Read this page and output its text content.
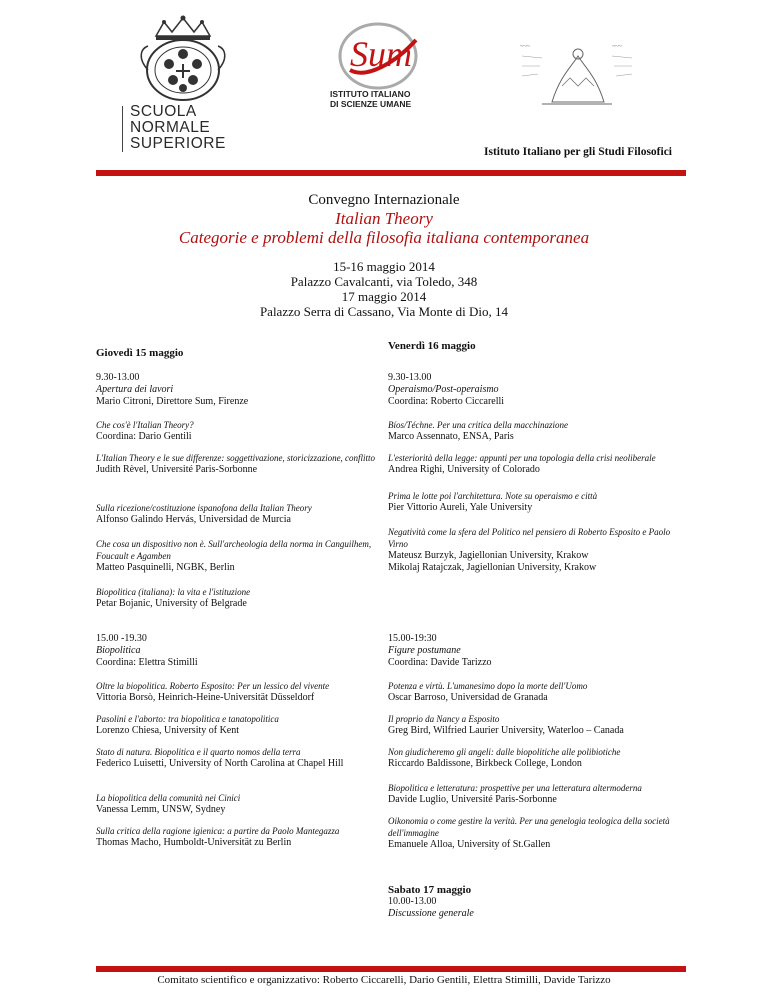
SCUOLA
NORMALE
SUPERIORE
Sum
ISTITUTO ITALIANO
DI SCIENZE UMANE
~~~	~~~
Istituto Italiano per gli Studi Filosofici
Convegno Internazionale
Italian Theory
Categorie e problemi della filosofia italiana contemporanea
15-16 maggio 2014
Palazzo Cavalcanti, via Toledo, 348
17 maggio 2014
Palazzo Serra di Cassano, Via Monte di Dio, 14
Giovedì 15 maggio
9.30-13.00
Apertura dei lavori
Mario Citroni, Direttore Sum, Firenze
Che cos'è l'Italian Theory?
Coordina: Dario Gentili
L'Italian Theory e le sue differenze: soggettivazione, storicizzazione, conflitto
Judith Rèvel, Université Paris-Sorbonne
Sulla ricezione/costituzione ispanofona della Italian Theory
Alfonso Galindo Hervás, Universidad de Murcia
Che cosa un dispositivo non è. Sull'archeologia della norma in Canguilhem, Foucault e Agamben
Matteo Pasquinelli, NGBK, Berlin
Biopolitica (italiana): la vita e l'istituzione
Petar Bojanic, University of Belgrade
15.00 -19.30
Biopolitica
Coordina: Elettra Stimilli
Oltre la biopolitica. Roberto Esposito: Per un lessico del vivente
Vittoria Borsò, Heinrich-Heine-Universität Düsseldorf
Pasolini e l'aborto: tra biopolitica e tanatopolitica
Lorenzo Chiesa, University of Kent
Stato di natura. Biopolitica e il quarto nomos della terra
Federico Luisetti, University of North Carolina at Chapel Hill
La biopolitica della comunità nei Cinici
Vanessa Lemm, UNSW, Sydney
Sulla critica della ragione igienica: a partire da Paolo Mantegazza
Thomas Macho, Humboldt-Universität zu Berlin
Venerdì 16 maggio
9.30-13.00
Operaismo/Post-operaismo
Coordina: Roberto Ciccarelli
Bíos/Téchne. Per una critica della macchinazione
Marco Assennato, ENSA, Paris
L'esteriorità della legge: appunti per una topologia della crisi neoliberale
Andrea Righi, University of Colorado
Prima le lotte poi l'architettura. Note su operaismo e città
Pier Vittorio Aureli, Yale University
Negatività come la sfera del Politico nel pensiero di Roberto Esposito e Paolo Virno
Mateusz Burzyk, Jagiellonian University, Krakow
Mikolaj Ratajczak, Jagiellonian University, Krakow
15.00-19:30
Figure postumane
Coordina: Davide Tarizzo
Potenza e virtù. L'umanesimo dopo la morte dell'Uomo
Oscar Barroso, Universidad de Granada
Il proprio da Nancy a Esposito
Greg Bird, Wilfried Laurier University, Waterloo – Canada
Non giudicheremo gli angeli: dalle biopolitiche alle polibiotiche
Riccardo Baldissone, Birkbeck College, London
Biopolitica e letteratura: prospettive per una letteratura altermoderna
Davide Luglio, Université Paris-Sorbonne
Oikonomia o come gestire la verità. Per una genelogia teologica della società dell'immagine
Emanuele Alloa, University of St.Gallen
Sabato 17 maggio
10.00-13.00
Discussione generale
Comitato scientifico e organizzativo: Roberto Ciccarelli, Dario Gentili, Elettra Stimilli, Davide Tarizzo
